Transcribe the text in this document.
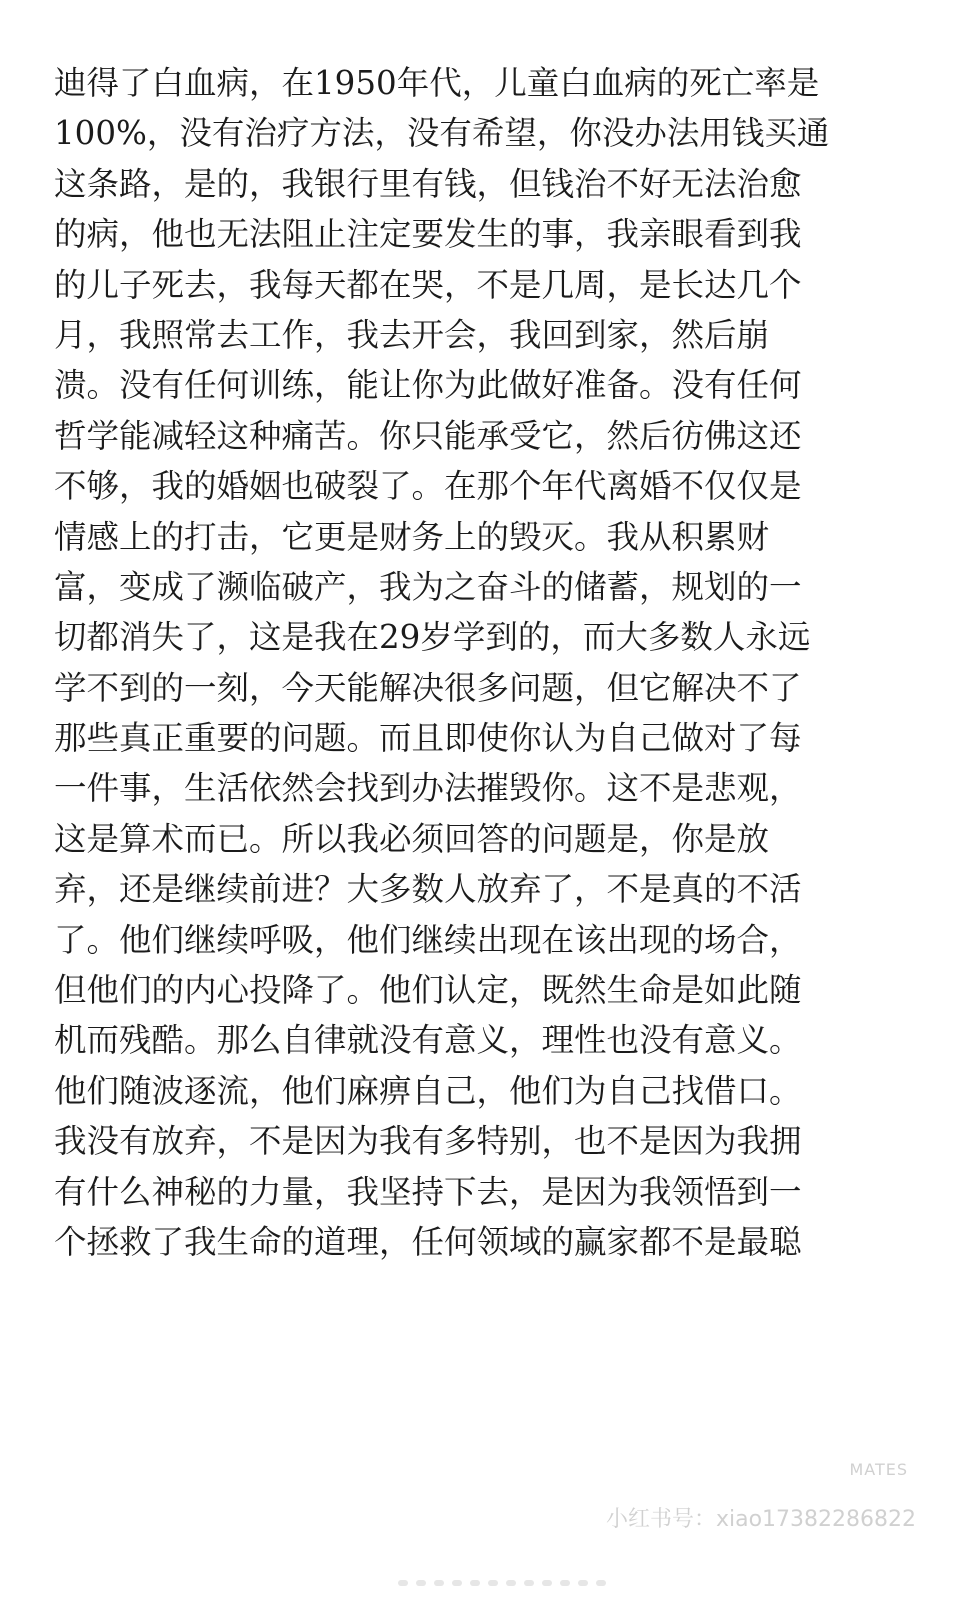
迪得了白血病，在1950年代，儿童白血病的死亡率是
100%，没有治疗方法，没有希望，你没办法用钱买通
这条路，是的，我银行里有钱，但钱治不好无法治愈
的病，他也无法阻止注定要发生的事，我亲眼看到我
的儿子死去，我每天都在哭，不是几周，是长达几个
月，我照常去工作，我去开会，我回到家，然后崩
溃。没有任何训练，能让你为此做好准备。没有任何
哲学能减轻这种痛苦。你只能承受它，然后彷佛这还
不够，我的婚姻也破裂了。在那个年代离婚不仅仅是
情感上的打击，它更是财务上的毁灭。我从积累财
富，变成了濒临破产，我为之奋斗的储蓄，规划的一
切都消失了，这是我在29岁学到的，而大多数人永远
学不到的一刻，今天能解决很多问题，但它解决不了
那些真正重要的问题。而且即使你认为自己做对了每
一件事，生活依然会找到办法摧毁你。这不是悲观，
这是算术而已。所以我必须回答的问题是，你是放
弃，还是继续前进？大多数人放弃了，不是真的不活
了。他们继续呼吸，他们继续出现在该出现的场合，
但他们的内心投降了。他们认定，既然生命是如此随
机而残酷。那么自律就没有意义，理性也没有意义。
他们随波逐流，他们麻痹自己，他们为自己找借口。
我没有放弃，不是因为我有多特别，也不是因为我拥
有什么神秘的力量，我坚持下去，是因为我领悟到一
个拯救了我生命的道理，任何领域的赢家都不是最聪
MATES
小红书号：xiao17382286822
